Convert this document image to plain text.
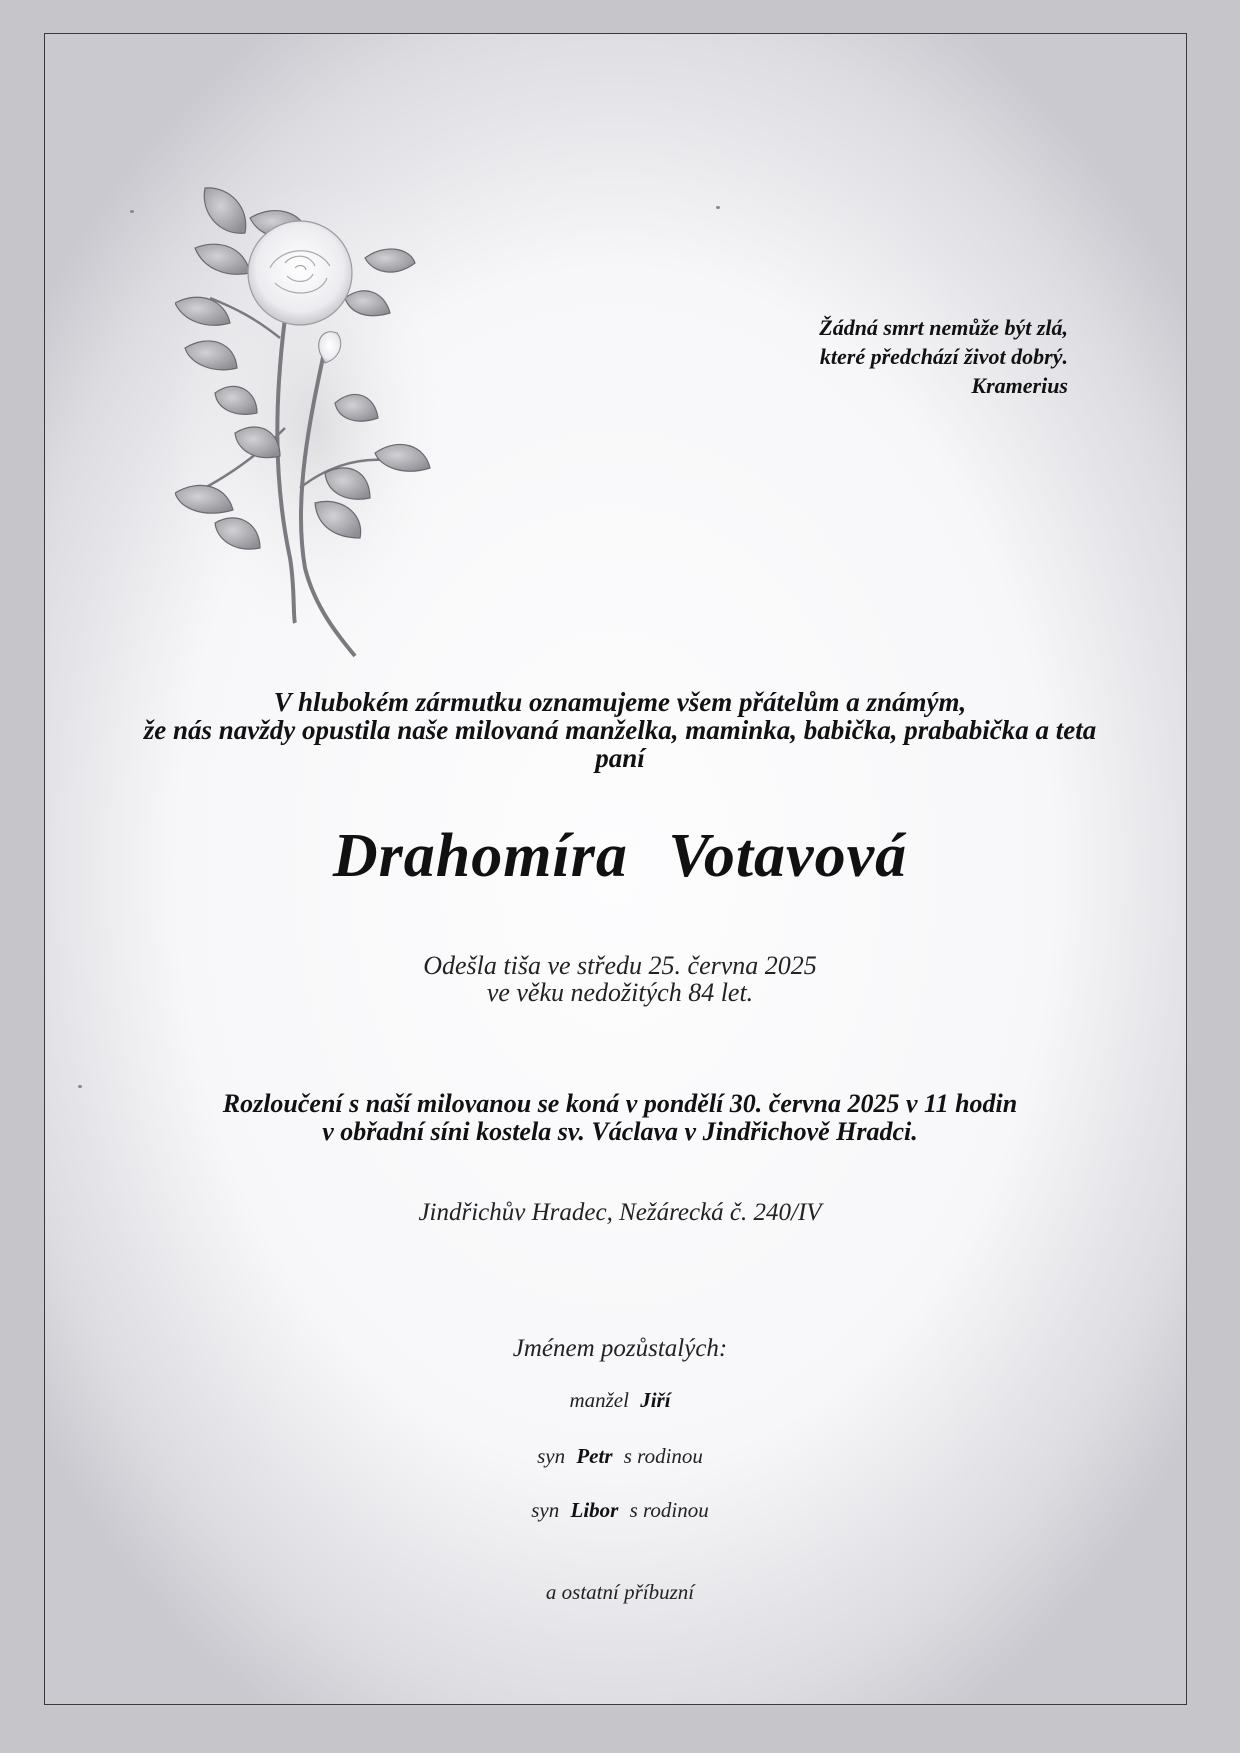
Žádná smrt nemůže být zlá,
které předchází život dobrý.
Kramerius
V hlubokém zármutku oznamujeme všem přátelům a známým,
že nás navždy opustila naše milovaná manželka, maminka, babička, prababička a teta
paní
Drahomíra Votavová
Odešla tiša ve středu 25. června 2025
ve věku nedožitých 84 let.
Rozloučení s naší milovanou se koná v pondělí 30. června 2025 v 11 hodin
v obřadní síni kostela sv. Václava v Jindřichově Hradci.
Jindřichův Hradec, Nežárecká č. 240/IV
Jménem pozůstalých:
manžel Jiří
syn Petr s rodinou
syn Libor s rodinou
a ostatní příbuzní
